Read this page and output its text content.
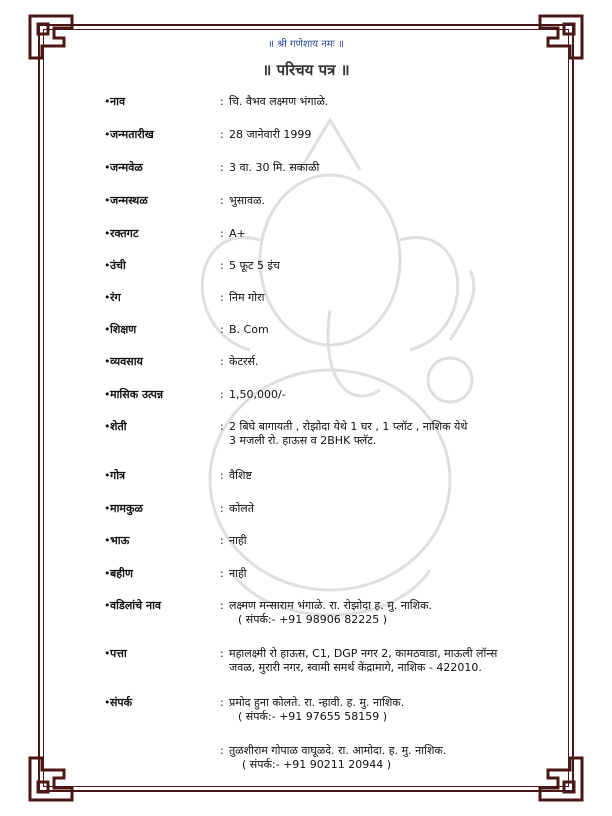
॥ श्री गणेशाय नमः ॥
॥ परिचय पत्र ॥
• नाव	: चि. वैभव लक्ष्मण भंगाळे.
• जन्मतारीख	: 28 जानेवारी 1999
• जन्मवेळ	: 3 वा. 30 मि. सकाळी
• जन्मस्थळ	: भुसावळ.
• रक्तगट	: A+
• उंची	: 5 फूट 5 इंच
• रंग	: निम गोरा
• शिक्षण	: B. Com
• व्यवसाय	: केटरर्स.
• मासिक उत्पन्न	: 1,50,000/-
• शेती	: 2 बिघे बागायती , रोझोदा येथे 1 घर , 1 प्लॉट , नाशिक येथे
3 मजली रो. हाऊस व 2BHK फ्लॅट.
• गोत्र	: वैशिष्ट
• मामकुळ	: कोलते
• भाऊ	: नाही
• बहीण	: नाही
• वडिलांचे नाव	: लक्ष्मण मन्साराम भंगाळे. रा. रोझोदा ह. मु. नाशिक.
( संपर्क:- +91 98906 82225 )
• पत्ता	: महालक्ष्मी रो हाऊस, C1, DGP नगर 2, कामठवाडा, माऊली लॉन्स
जवळ, मुरारी नगर, स्वामी समर्थ केंद्रामागे, नाशिक - 422010.
• संपर्क	: प्रमोद हुना कोलते. रा. न्हावी. ह. मु. नाशिक.
( संपर्क:- +91 97655 58159 )
: तुळशीराम गोपाळ वाघूळदे. रा. आमोदा. ह. मु. नाशिक.
( संपर्क:- +91 90211 20944 )
